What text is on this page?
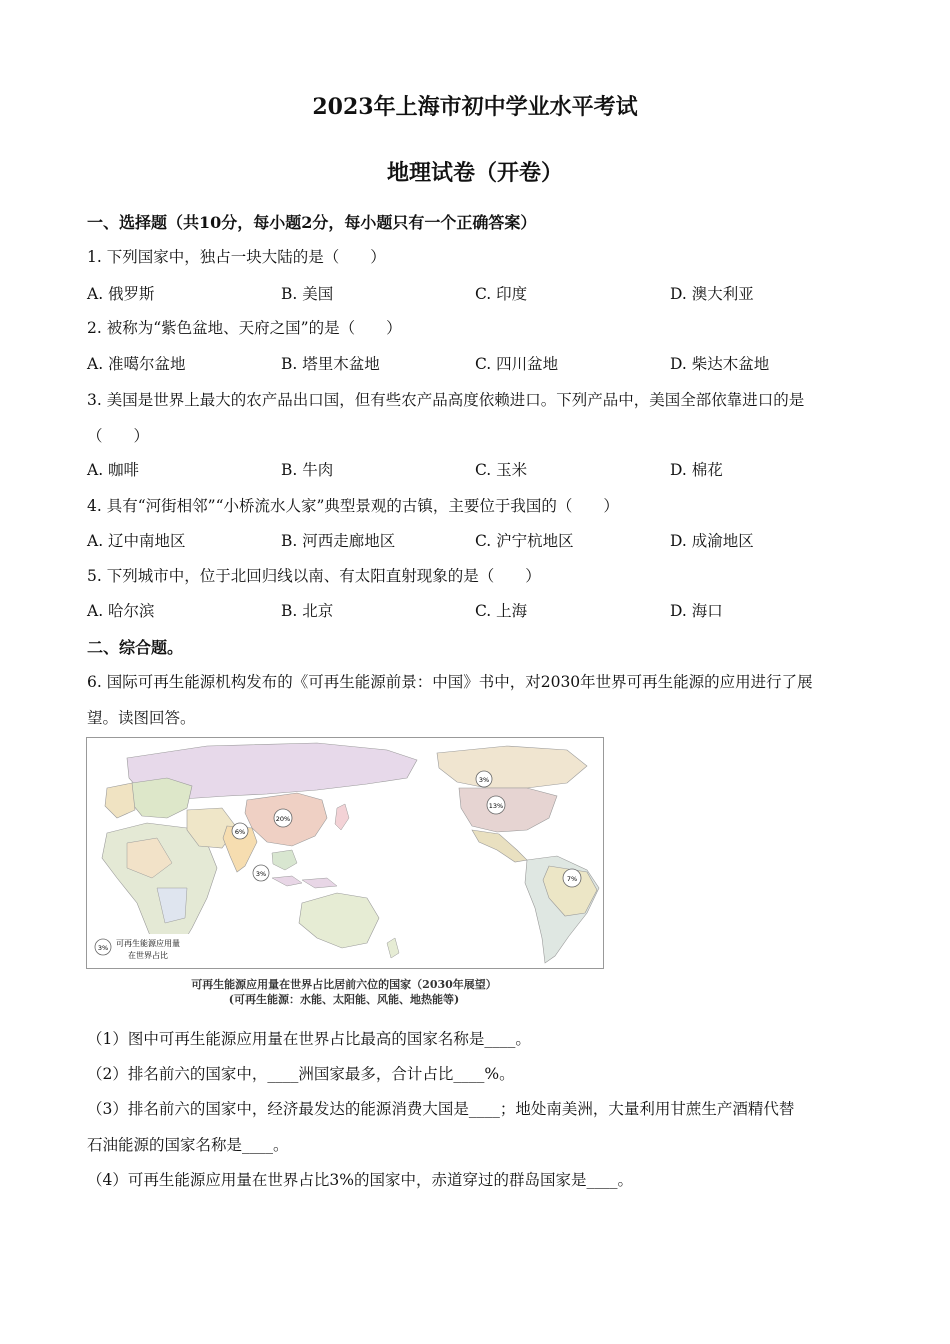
2023年上海市初中学业水平考试
地理试卷（开卷）
一、选择题（共10分，每小题2分，每小题只有一个正确答案）
1. 下列国家中，独占一块大陆的是（　　）
A. 俄罗斯	B. 美国	C. 印度	D. 澳大利亚
2. 被称为“紫色盆地、天府之国”的是（　　）
A. 准噶尔盆地	B. 塔里木盆地	C. 四川盆地	D. 柴达木盆地
3. 美国是世界上最大的农产品出口国，但有些农产品高度依赖进口。下列产品中，美国全部依靠进口的是
（　　）
A. 咖啡	B. 牛肉	C. 玉米	D. 棉花
4. 具有“河街相邻”“小桥流水人家”典型景观的古镇，主要位于我国的（　　）
A. 辽中南地区	B. 河西走廊地区	C. 沪宁杭地区	D. 成渝地区
5. 下列城市中，位于北回归线以南、有太阳直射现象的是（　　）
A. 哈尔滨	B. 北京	C. 上海	D. 海口
二、综合题。
6. 国际可再生能源机构发布的《可再生能源前景：中国》书中，对2030年世界可再生能源的应用进行了展
望。读图回答。
20%
6%
3%
3%
13%
7%
3% 可再生能源应用量
在世界占比
可再生能源应用量在世界占比居前六位的国家（2030年展望）
(可再生能源：水能、太阳能、风能、地热能等)
（1）图中可再生能源应用量在世界占比最高的国家名称是____。
（2）排名前六的国家中，____洲国家最多，合计占比____%。
（3）排名前六的国家中，经济最发达的能源消费大国是____；地处南美洲，大量利用甘蔗生产酒精代替
石油能源的国家名称是____。
（4）可再生能源应用量在世界占比3%的国家中，赤道穿过的群岛国家是____。
